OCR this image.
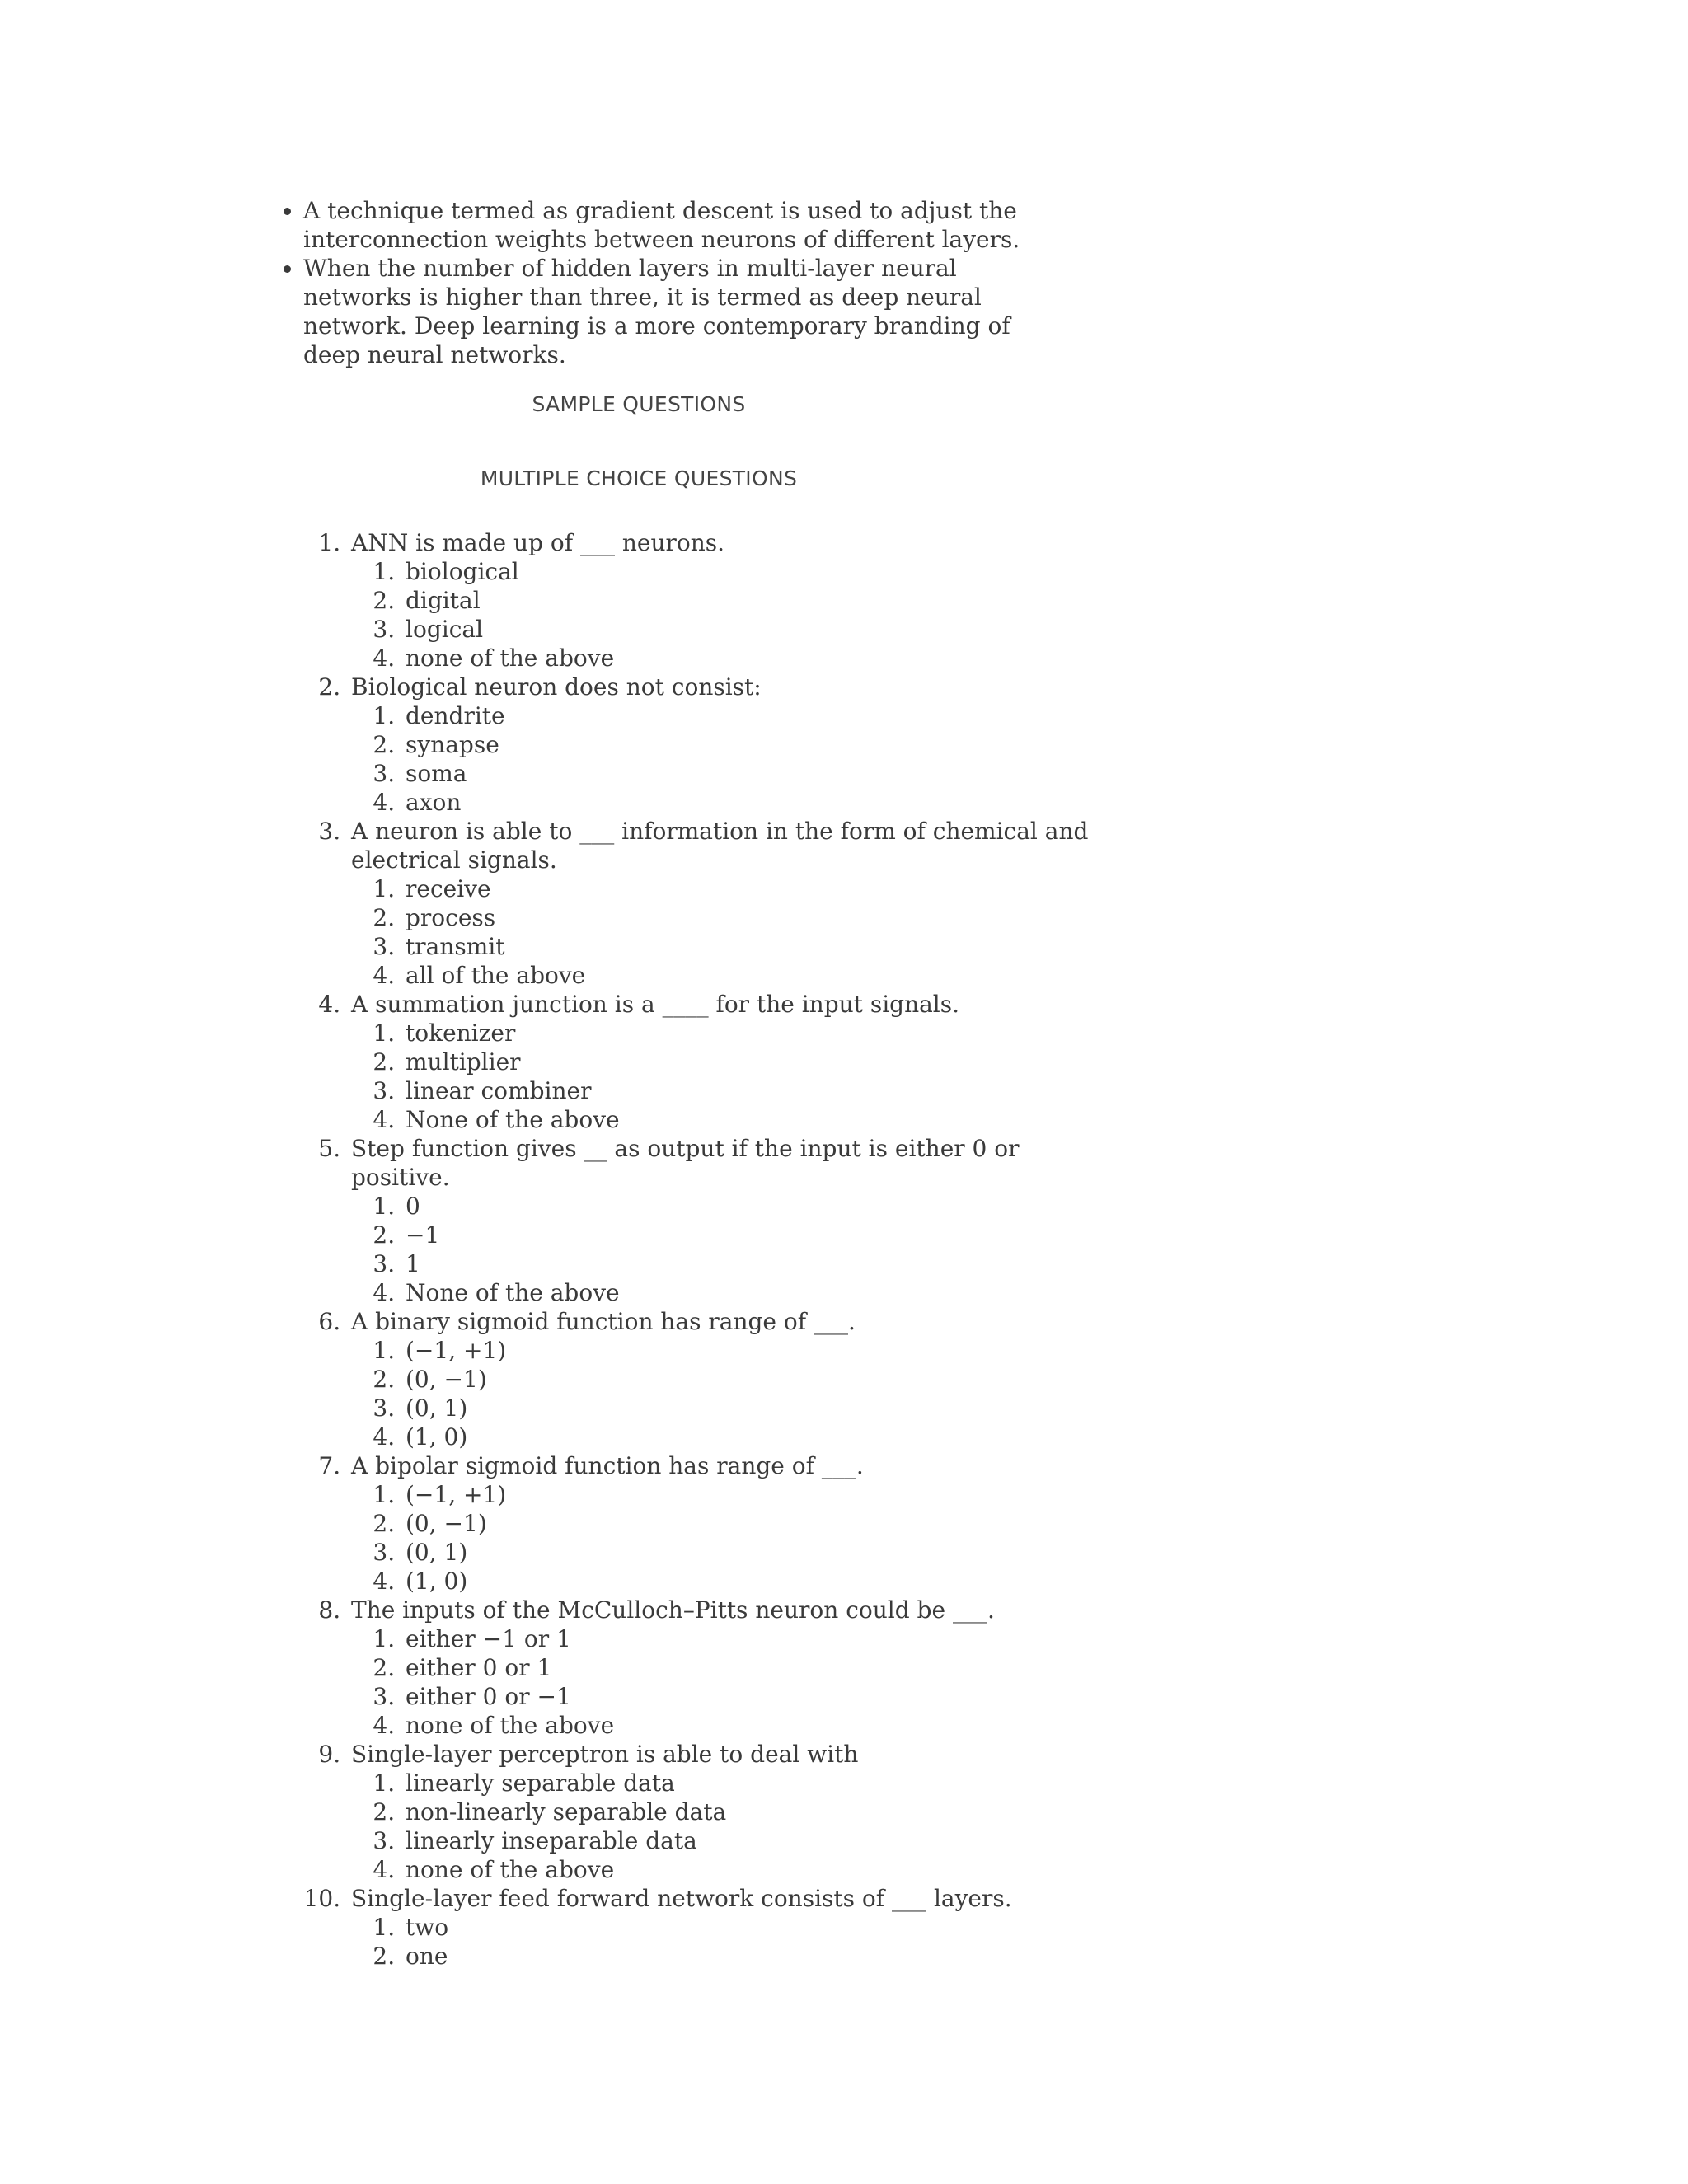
• A technique termed as gradient descent is used to adjust the interconnection weights between neurons of different layers.
• When the number of hidden layers in multi-layer neural networks is higher than three, it is termed as deep neural network. Deep learning is a more contemporary branding of deep neural networks.

SAMPLE QUESTIONS

MULTIPLE CHOICE QUESTIONS

1. ANN is made up of ___ neurons.
1. biological
2. digital
3. logical
4. none of the above
2. Biological neuron does not consist:
1. dendrite
2. synapse
3. soma
4. axon
3. A neuron is able to ___ information in the form of chemical and electrical signals.
1. receive
2. process
3. transmit
4. all of the above
4. A summation junction is a ____ for the input signals.
1. tokenizer
2. multiplier
3. linear combiner
4. None of the above
5. Step function gives __ as output if the input is either 0 or positive.
1. 0
2. −1
3. 1
4. None of the above
6. A binary sigmoid function has range of ___.
1. (−1, +1)
2. (0, −1)
3. (0, 1)
4. (1, 0)
7. A bipolar sigmoid function has range of ___.
1. (−1, +1)
2. (0, −1)
3. (0, 1)
4. (1, 0)
8. The inputs of the McCulloch–Pitts neuron could be ___.
1. either −1 or 1
2. either 0 or 1
3. either 0 or −1
4. none of the above
9. Single-layer perceptron is able to deal with
1. linearly separable data
2. non-linearly separable data
3. linearly inseparable data
4. none of the above
10. Single-layer feed forward network consists of ___ layers.
1. two
2. one
